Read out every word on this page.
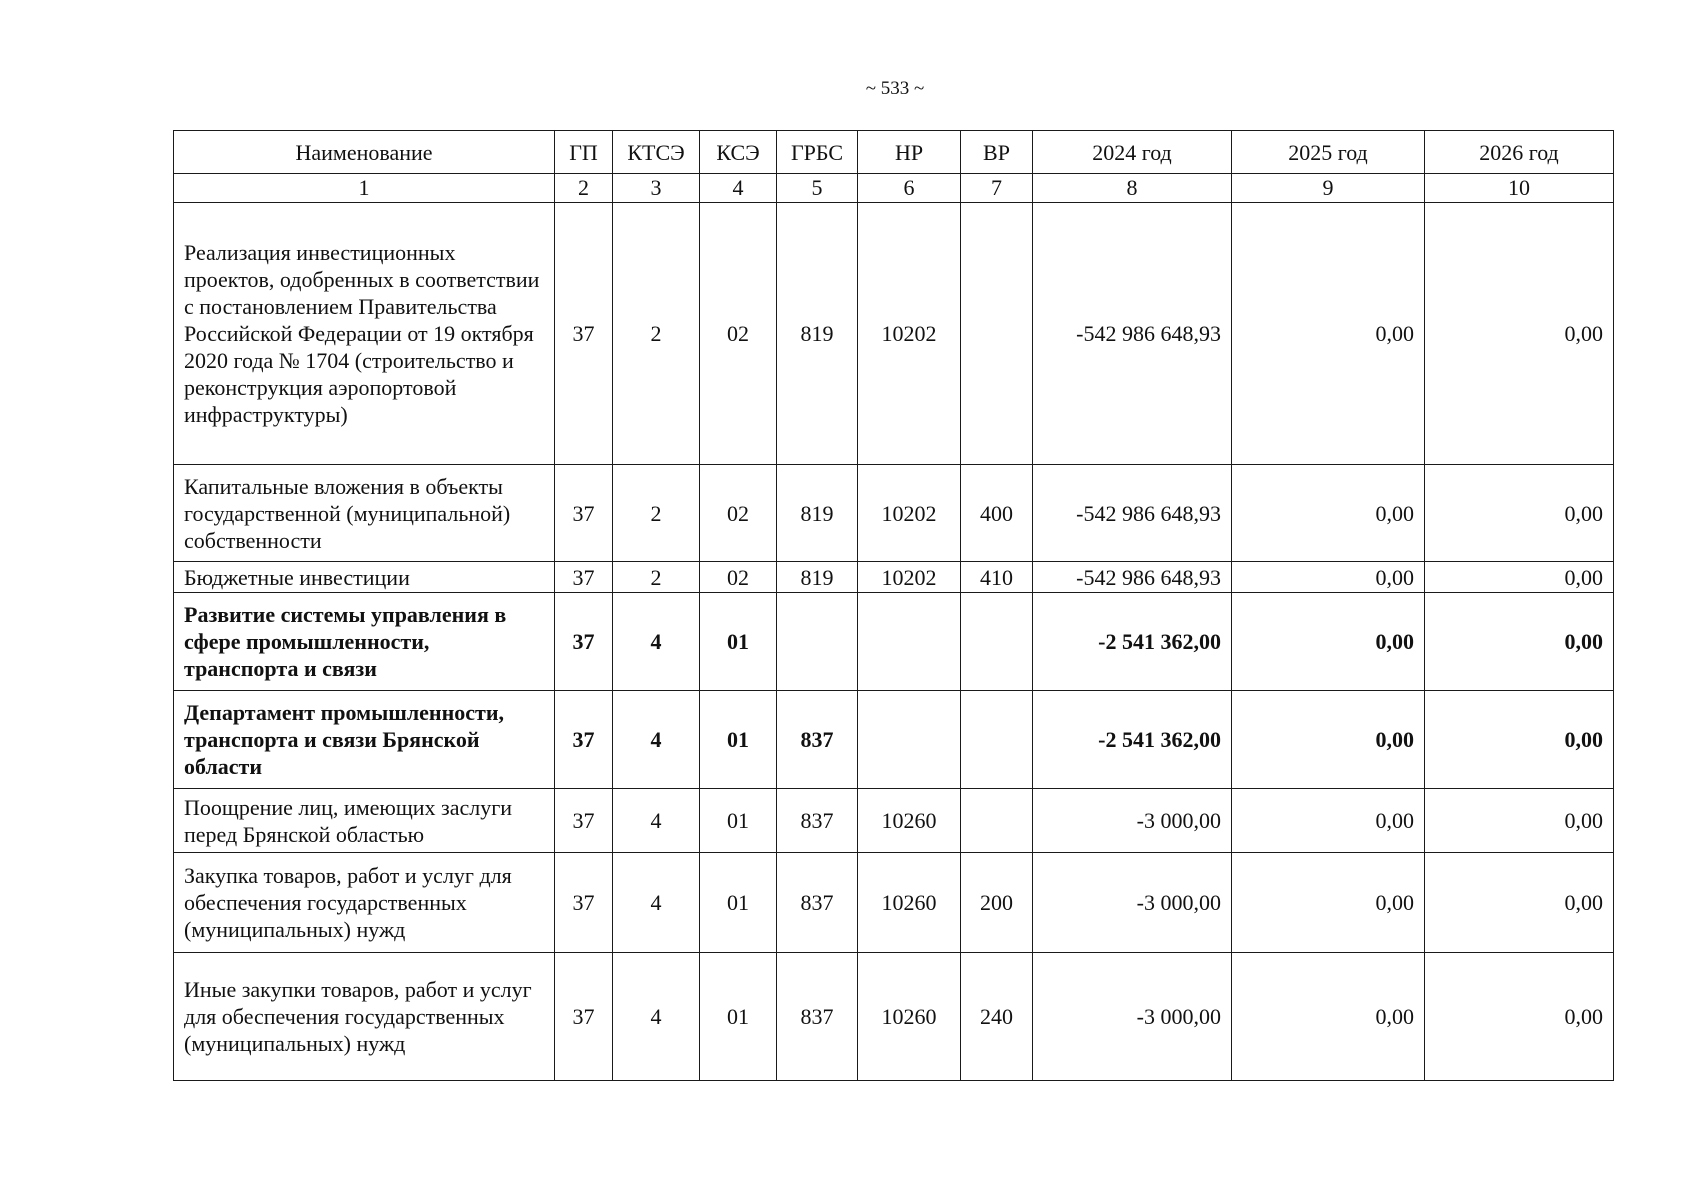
~ 533 ~
Наименование	ГП	КТСЭ	КСЭ	ГРБС	НР	ВР	2024 год	2025 год	2026 год
1	2	3	4	5	6	7	8	9	10
Реализация инвестиционных проектов, одобренных в соответствии с постановлением Правительства Российской Федерации от 19 октября 2020 года № 1704 (строительство и реконструкция аэропортовой инфраструктуры)	37	2	02	819	10202		-542 986 648,93	0,00	0,00
Капитальные вложения в объекты государственной (муниципальной) собственности	37	2	02	819	10202	400	-542 986 648,93	0,00	0,00
Бюджетные инвестиции	37	2	02	819	10202	410	-542 986 648,93	0,00	0,00
Развитие системы управления в сфере промышленности, транспорта и связи	37	4	01				-2 541 362,00	0,00	0,00
Департамент промышленности, транспорта и связи Брянской области	37	4	01	837			-2 541 362,00	0,00	0,00
Поощрение лиц, имеющих заслуги перед Брянской областью	37	4	01	837	10260		-3 000,00	0,00	0,00
Закупка товаров, работ и услуг для обеспечения государственных (муниципальных) нужд	37	4	01	837	10260	200	-3 000,00	0,00	0,00
Иные закупки товаров, работ и услуг для обеспечения государственных (муниципальных) нужд	37	4	01	837	10260	240	-3 000,00	0,00	0,00
